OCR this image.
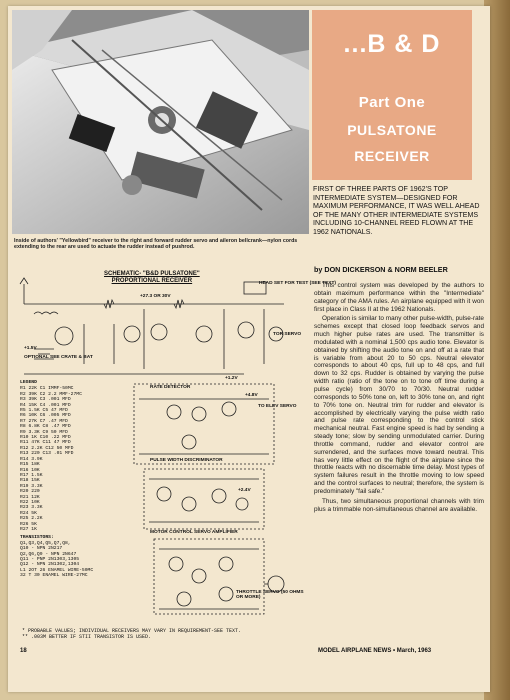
Inside of authors' "Yellowbird" receiver to the right and forward rudder servo and aileron bellcrank—nylon cords extending to the rear are used to actuate the rudder instead of pushrod.
...B & D
Part One
PULSATONE
RECEIVER
FIRST OF THREE PARTS OF 1962'S TOP INTERMEDIATE SYSTEM—DESIGNED FOR MAXIMUM PERFORMANCE, IT WAS WELL AHEAD OF THE MANY OTHER INTERMEDIATE SYSTEMS INCLUDING 10-CHANNEL REED FLOWN AT THE 1962 NATIONALS.
by DON DICKERSON & NORM BEELER

This control system was developed by the authors to obtain maximum performance within the "Intermediate" category of the AMA rules. An airplane equipped with it won first place in Class II at the 1962 Nationals.

Operation is similar to many other pulse-width, pulse-rate schemes except that closed loop feedback servos and much higher pulse rates are used. The transmitter is modulated with a nominal 1,500 cps audio tone. Elevator is obtained by shifting the audio tone on and off at a rate that is variable from about 20 to 50 cps. Neutral elevator corresponds to about 40 cps, full up to 48 cps, and full down to 32 cps. Rudder is obtained by varying the pulse width ratio (ratio of the tone on to tone off time during a pulse cycle) from 30/70 to 70/30. Neutral rudder corresponds to 50% tone on, left to 30% tone on, and right to 70% tone on. Neutral trim for rudder and elevator is accomplished by electrically varying the pulse width ratio and pulse rate corresponding to the control stick mechanical neutral. Fast engine speed is had by sending a steady tone; slow by sending unmodulated carrier. During throttle command, rudder and elevator control are surrendered, and the surfaces move toward neutral. This has very little effect on the flight of the airplane since the throttle reacts with no discernable time delay. Most types of system failures result in the throttle moving to low speed and the control surfaces to neutral; therefore, the system is predominately "fail safe."

Thus, two simultaneous proportional channels with trim plus a trimmable non-simultaneous channel are available.

SCHEMATIC- "B&D PULSATONE"
PROPORTIONAL RECEIVER	HEAD SET FOR TEST (SEE TEXT)
+27.3 OR 30V
TOR SERVO
OPTIONAL SEE CRATE & BAT
+1.5V
+1.2V
RATE DETECTOR
+4.8V
TO ELEV SERVO
PULSE WIDTH DISCRIMINATOR
+2.4V
MOTOR CONTROL SERVO AMPLIFIER
THROTTLE SERVO (50 OHMS OR MORE)
LEGEND
R1 22K C1 IMMF-50MC
R2 39K C2 2.2 MMF-27MC
R3 39K C3 .001 MFD
R4 15K C4 .001 MFD
R5 1.5K C5 47 MFD
R6 10K C6 .005 MFD
R7 27K C7 .47 MFD
R8 6.8K C8 .47 MFD
R9 3.3K C9 50 MFD
R10 1K C10 .22 MFD
R11 47K C11 47 MFD
R12 2.2K C12 50 MFD
R13 220 C13 .01 MFD
R14 3.9K
R15 18K
R16 10K
R17 1.5K
R18 15K
R19 3.3K
R20 220
R21 12K
R22 10K
R23 3.3K
R24 5K
R25 2.2K
R26 5K
R27 1K
TRANSISTORS:
Q1,Q3,Q4,Q5,Q7,Q8,
Q10 - NPN 2N217
Q2,Q6,Q9 - NPN 2N647
Q11 - PNP 2N1303,1305
Q12 - NPN 2N1302,1304
L1 2OT 26 ENAMEL WIRE-50MC
32 T 30 ENAMEL WIRE-27MC
* PROBABLE VALUES; INDIVIDUAL RECEIVERS MAY VARY IN REQUIREMENT-SEE TEXT.
** .003M BETTER IF STII TRANSISTOR IS USED.
18	MODEL AIRPLANE NEWS • March, 1963
